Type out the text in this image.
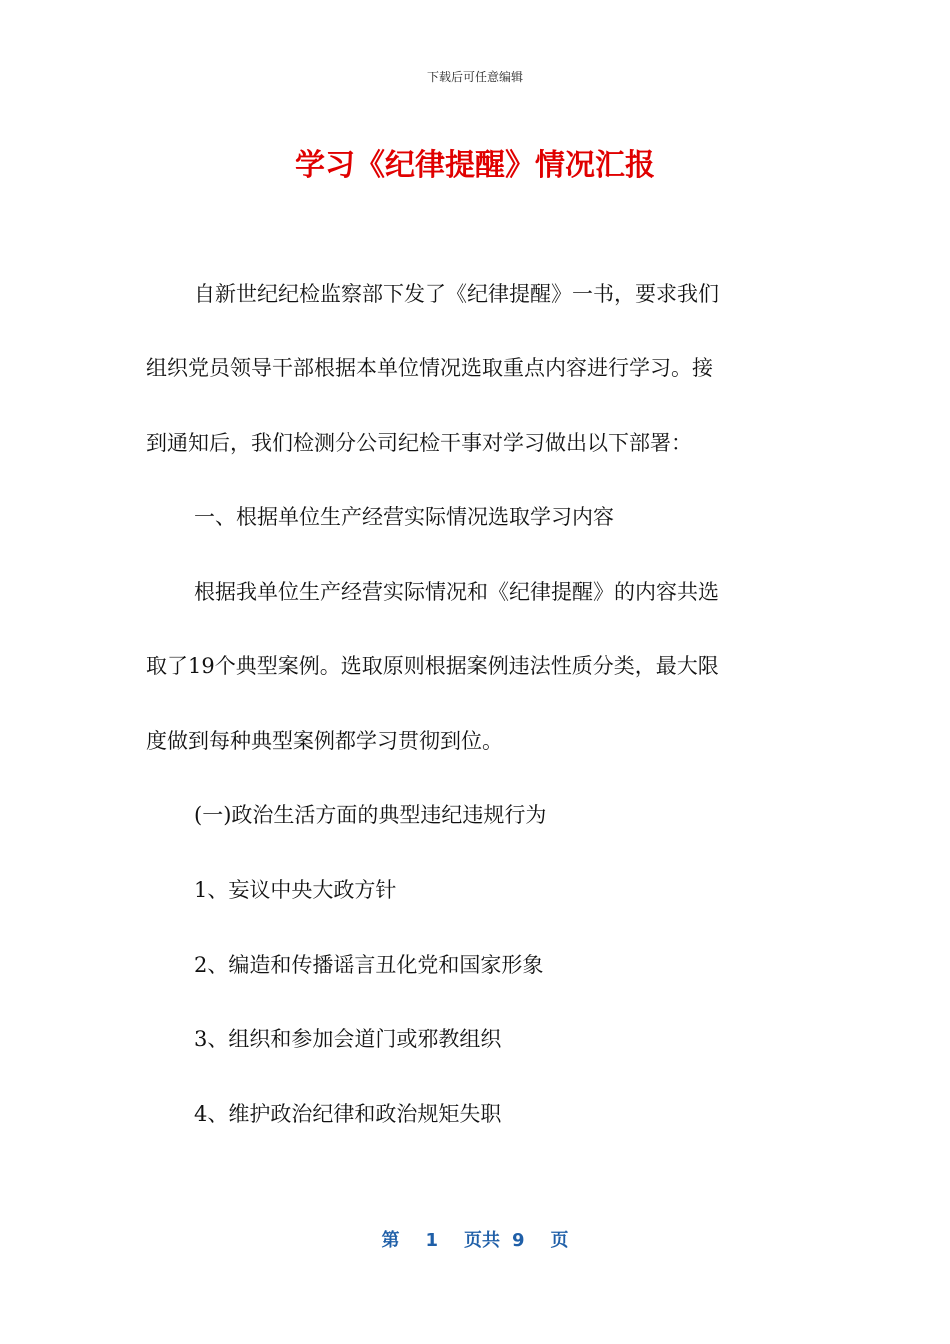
下载后可任意编辑
学习《纪律提醒》情况汇报
自新世纪纪检监察部下发了《纪律提醒》一书，要求我们
组织党员领导干部根据本单位情况选取重点内容进行学习。接
到通知后，我们检测分公司纪检干事对学习做出以下部署：
一、根据单位生产经营实际情况选取学习内容
根据我单位生产经营实际情况和《纪律提醒》的内容共选
取了19个典型案例。选取原则根据案例违法性质分类，最大限
度做到每种典型案例都学习贯彻到位。
(一)政治生活方面的典型违纪违规行为
1、妄议中央大政方针
2、编造和传播谣言丑化党和国家形象
3、组织和参加会道门或邪教组织
4、维护政治纪律和政治规矩失职
第 1 页共 9 页
